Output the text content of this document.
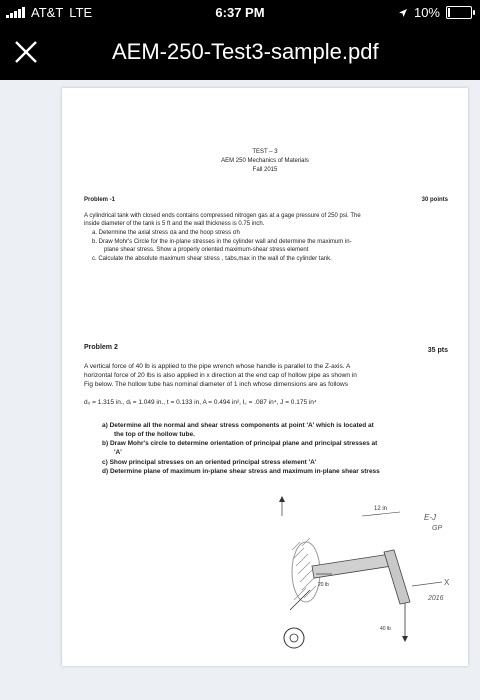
AT&T LTE	6:37 PM	10%
AEM-250-Test3-sample.pdf
TEST – 3
AEM 250 Mechanics of Materials
Fall 2015
Problem -1	30 points
A cylindrical tank with closed ends contains compressed nitrogen gas at a gage pressure of 250 psi. The
inside diameter of the tank is 5 ft and the wall thickness is 0.75 inch.
a. Determine the axial stress σa and the hoop stress σh
b. Draw Mohr's Circle for the in-plane stresses in the cylinder wall and determine the maximum in-
plane shear stress. Show a properly oriented maximum-shear stress element
c. Calculate the absolute maximum shear stress , τabs,max in the wall of the cylinder tank.
Problem 2	35 pts
A vertical force of 40 lb is applied to the pipe wrench whose handle is parallel to the Z-axis. A
horizontal force of 20 lbs is also applied in x direction at the end cap of hollow pipe as shown in
Fig below. The hollow tube has nominal diameter of 1 inch whose dimensions are as follows
d₀ = 1.315 in., dᵢ = 1.049 in., t = 0.133 in, A = 0.494 in², I꜀ = .087 in⁴, J = 0.175 in⁴
a) Determine all the normal and shear stress components at point 'A' which is located at
the top of the hollow tube.
b) Draw Mohr's circle to determine orientation of principal plane and principal stresses at
'A'
c) Show principal stresses on an oriented principal stress element 'A'
d) Determine plane of maximum in-plane shear stress and maximum in-plane shear stress
12 in
40 lb
20 lb
E-J
GP
2016
X
